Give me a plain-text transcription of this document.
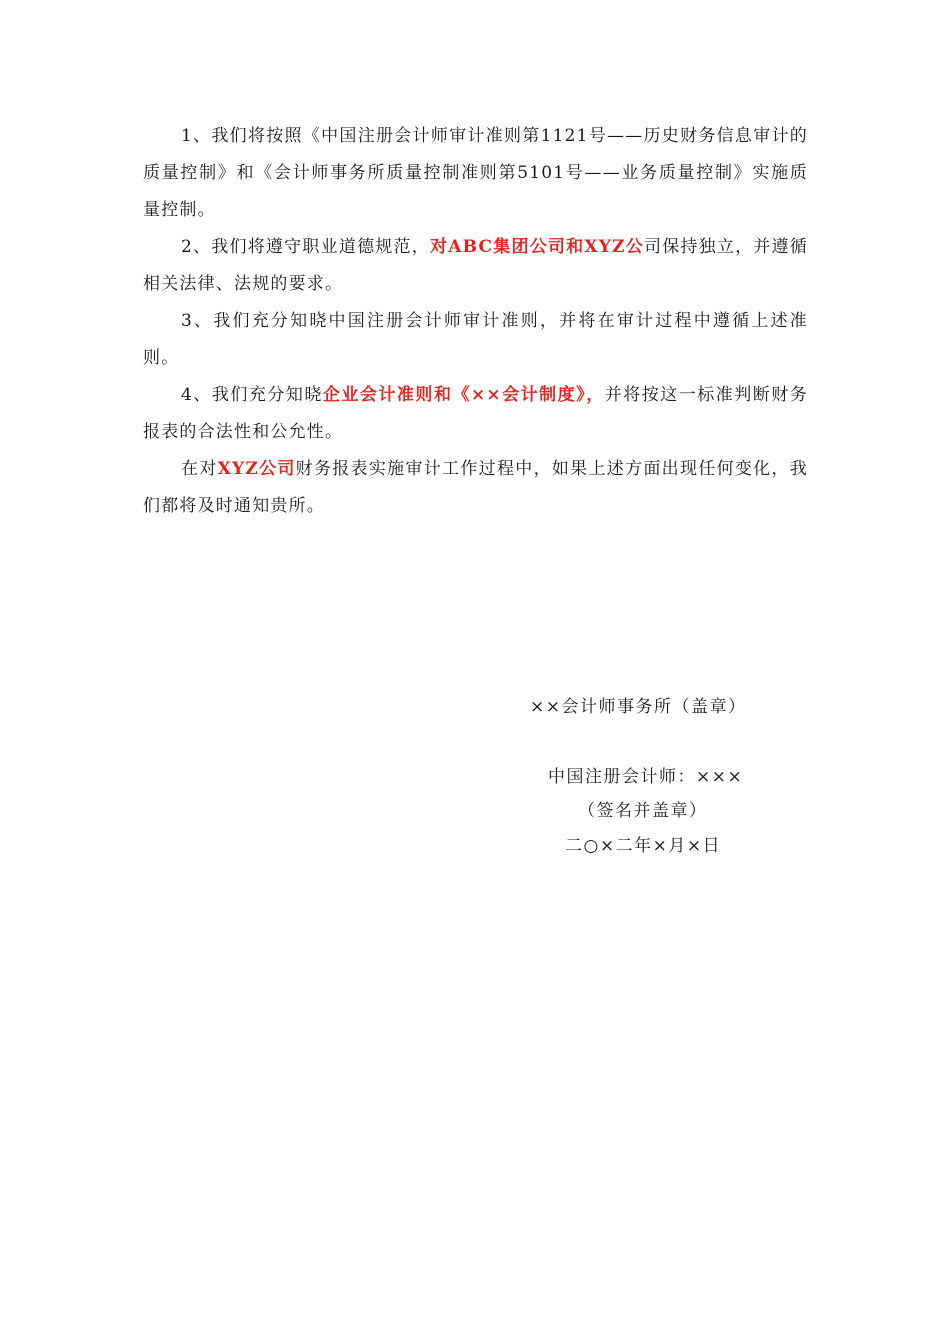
1、我们将按照《中国注册会计师审计准则第1121号——历史财务信息审计的质量控制》和《会计师事务所质量控制准则第5101号——业务质量控制》实施质量控制。

2、我们将遵守职业道德规范，对ABC集团公司和XYZ公司保持独立，并遵循相关法律、法规的要求。

3、我们充分知晓中国注册会计师审计准则，并将在审计过程中遵循上述准则。

4、我们充分知晓企业会计准则和《××会计制度》，并将按这一标准判断财务报表的合法性和公允性。

在对XYZ公司财务报表实施审计工作过程中，如果上述方面出现任何变化，我们都将及时通知贵所。

××会计师事务所（盖章）
中国注册会计师：×××
（签名并盖章）
二○×二年×月×日
